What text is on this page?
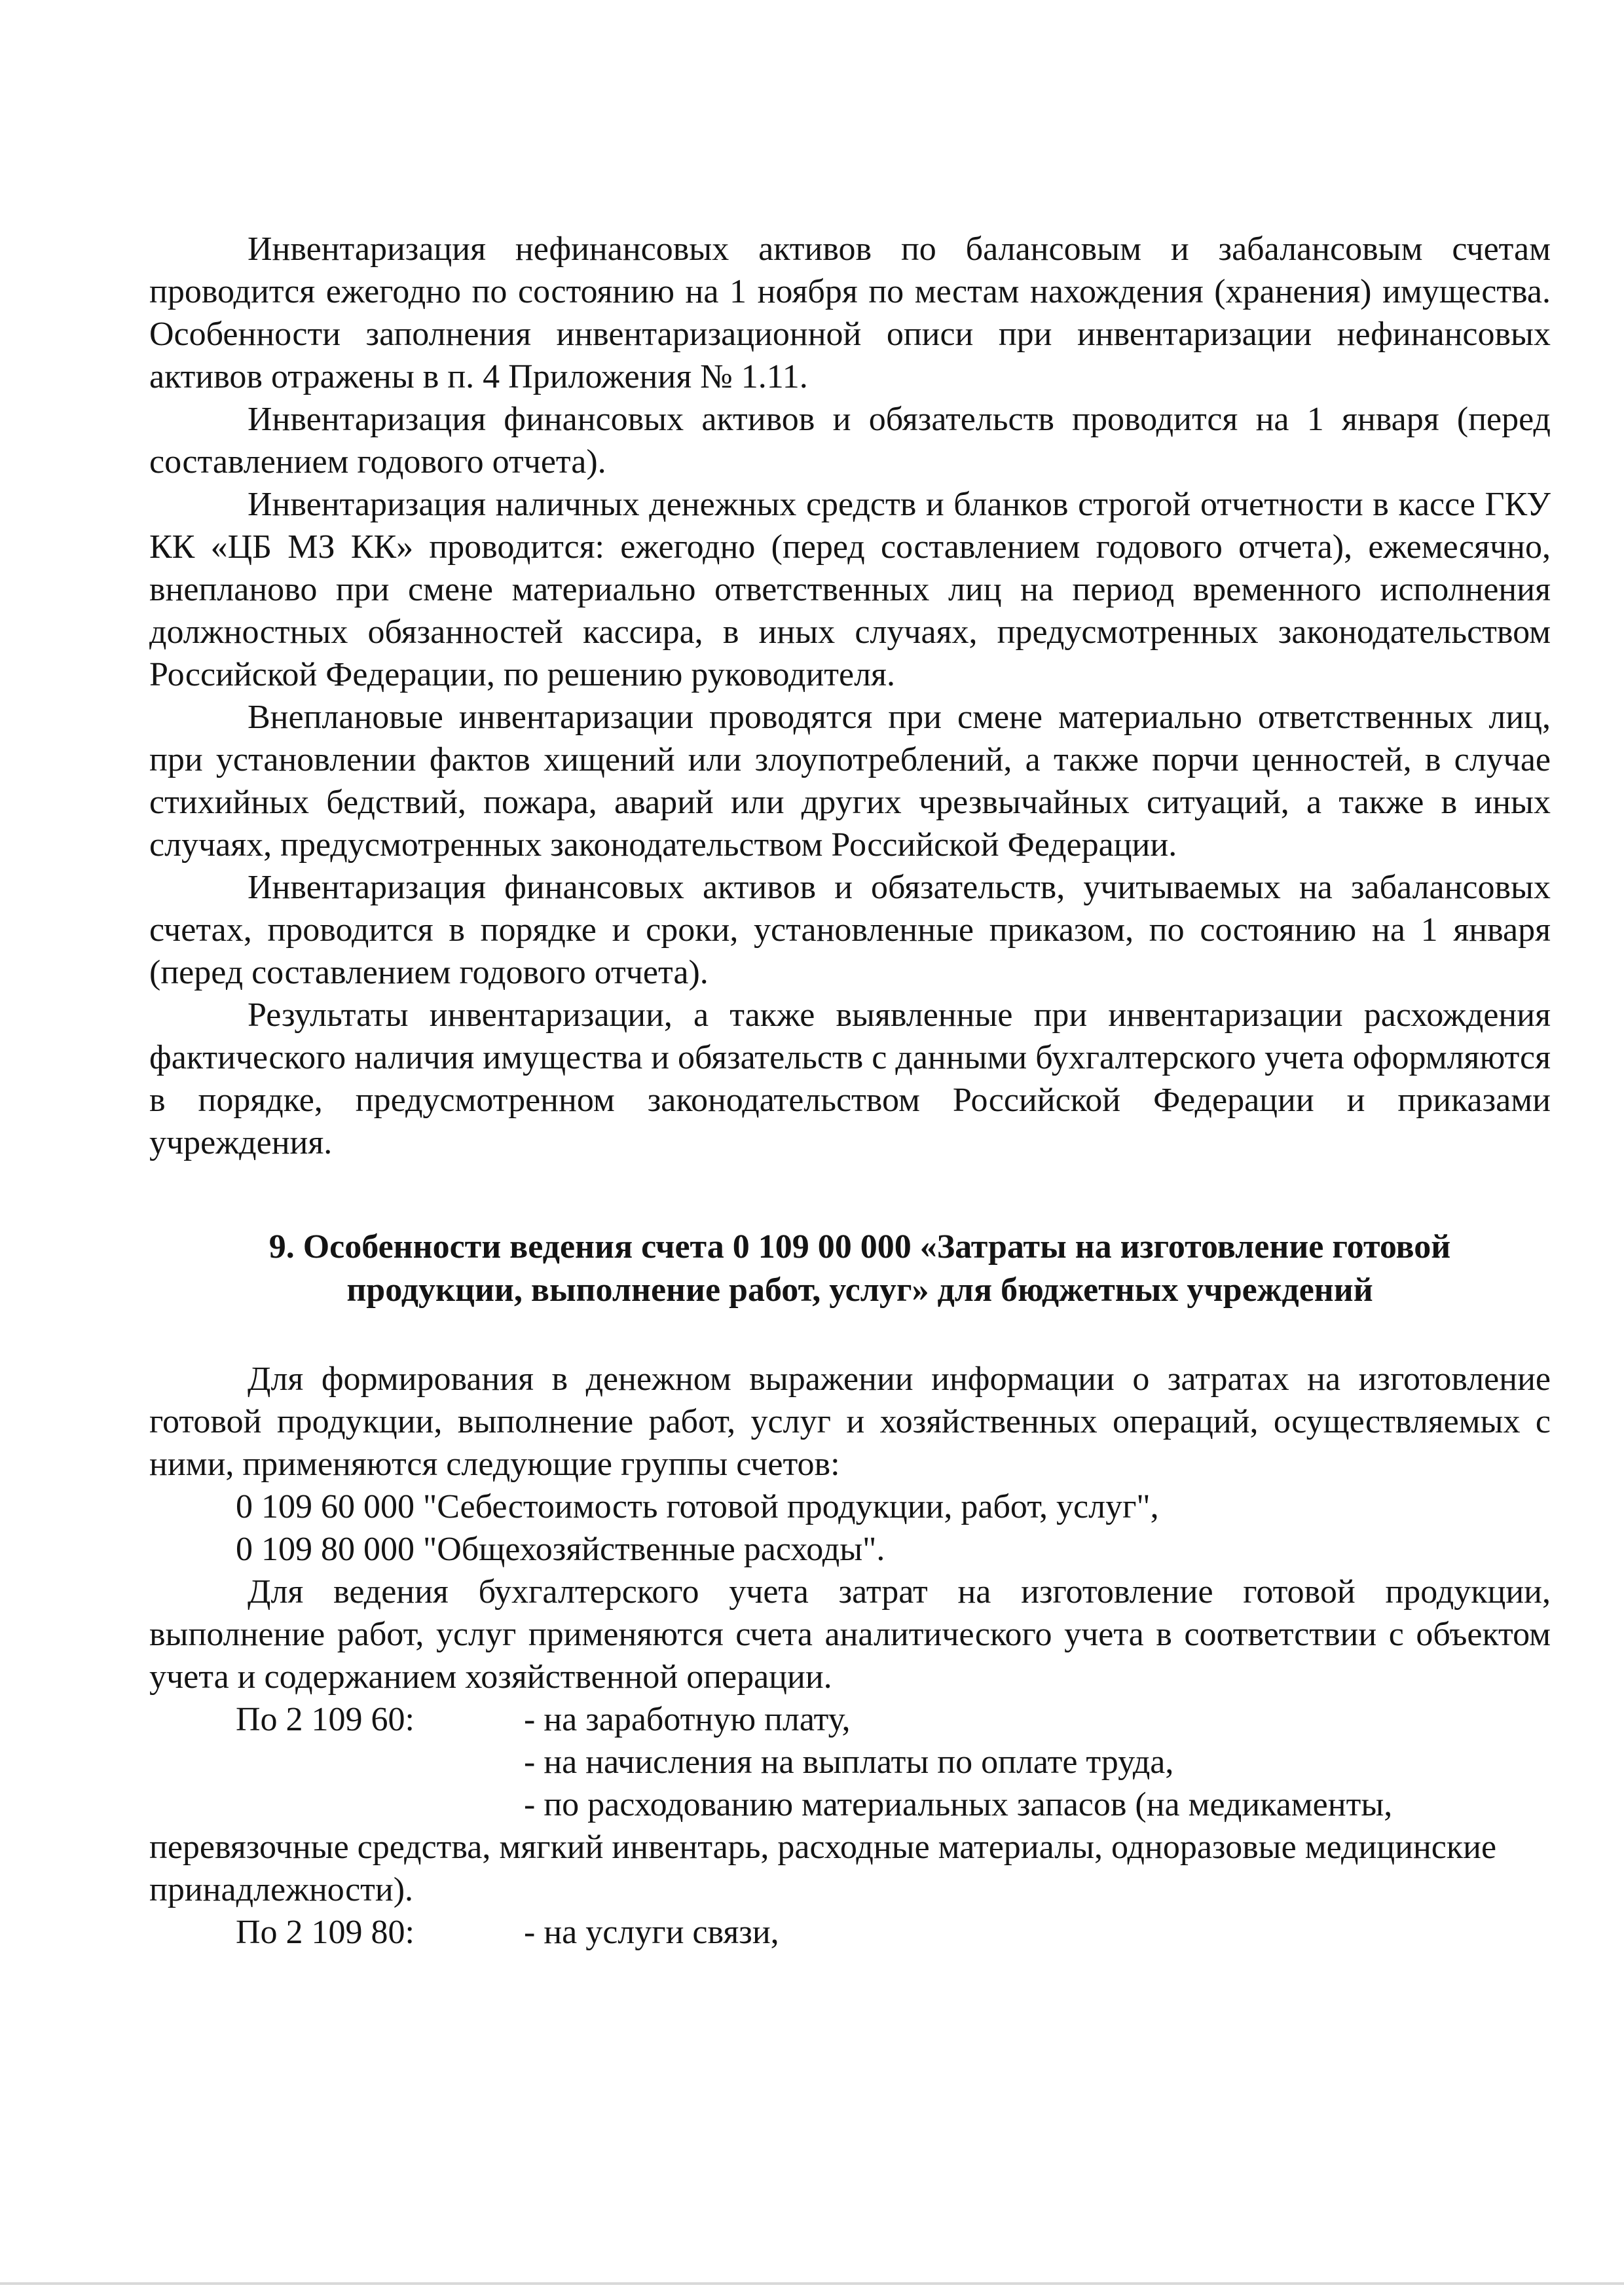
Инвентаризация нефинансовых активов по балансовым и забалансовым счетам проводится ежегодно по состоянию на 1 ноября по местам нахождения (хранения) имущества. Особенности заполнения инвентаризационной описи при инвентаризации нефинансовых активов отражены в п. 4 Приложения № 1.11.

Инвентаризация финансовых активов и обязательств проводится на 1 января (перед составлением годового отчета).

Инвентаризация наличных денежных средств и бланков строгой отчетности в кассе ГКУ КК «ЦБ МЗ КК» проводится: ежегодно (перед составлением годового отчета), ежемесячно, внепланово при смене материально ответственных лиц на период временного исполнения должностных обязанностей кассира, в иных случаях, предусмотренных законодательством Российской Федерации, по решению руководителя.

Внеплановые инвентаризации проводятся при смене материально ответственных лиц, при установлении фактов хищений или злоупотреблений, а также порчи ценностей, в случае стихийных бедствий, пожара, аварий или других чрезвычайных ситуаций, а также в иных случаях, предусмотренных законодательством Российской Федерации.

Инвентаризация финансовых активов и обязательств, учитываемых на забалансовых счетах, проводится в порядке и сроки, установленные приказом, по состоянию на 1 января (перед составлением годового отчета).

Результаты инвентаризации, а также выявленные при инвентаризации расхождения фактического наличия имущества и обязательств с данными бухгалтерского учета оформляются в порядке, предусмотренном законодательством Российской Федерации и приказами учреждения.

9. Особенности ведения счета 0 109 00 000 «Затраты на изготовление готовой продукции, выполнение работ, услуг» для бюджетных учреждений

Для формирования в денежном выражении информации о затратах на изготовление готовой продукции, выполнение работ, услуг и хозяйственных операций, осуществляемых с ними, применяются следующие группы счетов:

0 109 60 000 "Себестоимость готовой продукции, работ, услуг",

0 109 80 000 "Общехозяйственные расходы".

Для ведения бухгалтерского учета затрат на изготовление готовой продукции, выполнение работ, услуг применяются счета аналитического учета в соответствии с объектом учета и содержанием хозяйственной операции.

По 2 109 60:	- на заработную плату,

- на начисления на выплаты по оплате труда,

- по расходованию материальных запасов (на медикаменты, перевязочные средства, мягкий инвентарь, расходные материалы, одноразовые медицинские принадлежности).

По 2 109 80:	- на услуги связи,
